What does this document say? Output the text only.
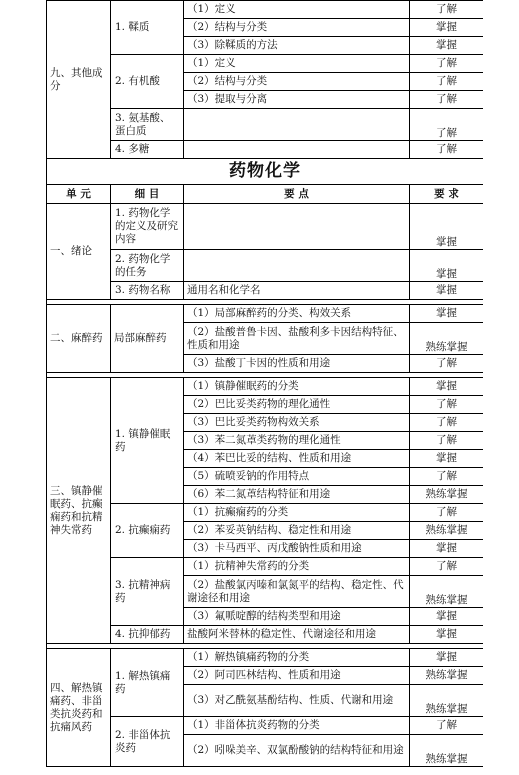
九、其他成分	1. 鞣质	（1）定义	了解
		（2）结构与分类	掌握
		（3）除鞣质的方法	掌握
	2. 有机酸	（1）定义	了解
		（2）结构与分类	了解
		（3）提取与分离	了解
	3. 氨基酸、蛋白质		了解
	4. 多糖		了解
药物化学			
单 元	细 目	要 点	要 求
一、绪论	1. 药物化学的定义及研究内容		掌握
	2. 药物化学的任务		掌握
	3. 药物名称	通用名和化学名	掌握

二、麻醉药	局部麻醉药	（1）局部麻醉药的分类、构效关系	掌握
		（2）盐酸普鲁卡因、盐酸利多卡因结构特征、性质和用途	熟练掌握
		（3）盐酸丁卡因的性质和用途	了解

三、镇静催眠药、抗癫痫药和抗精神失常药	1. 镇静催眠药	（1）镇静催眠药的分类	掌握
		（2）巴比妥类药物的理化通性	了解
		（3）巴比妥类药物构效关系	了解
		（3）苯二氮䓬类药物的理化通性	了解
		（4）苯巴比妥的结构、性质和用途	掌握
		（5）硫喷妥钠的作用特点	了解
		（6）苯二氮䓬结构特征和用途	熟练掌握
	2. 抗癫痫药	（1）抗癫痫药的分类	了解
		（2）苯妥英钠结构、稳定性和用途	熟练掌握
		（3）卡马西平、丙戊酸钠性质和用途	掌握
	3. 抗精神病药	（1）抗精神失常药的分类	了解
		（2）盐酸氯丙嗪和氯氮平的结构、稳定性、代谢途径和用途	熟练掌握
		（3）氟哌啶醇的结构类型和用途	掌握
	4. 抗抑郁药	盐酸阿米替林的稳定性、代谢途径和用途	掌握

四、解热镇痛药、非甾类抗炎药和抗痛风药	1. 解热镇痛药	（1）解热镇痛药物的分类	掌握
		（2）阿司匹林结构、性质和用途	熟练掌握
		（3）对乙酰氨基酚结构、性质、代谢和用途	熟练掌握
	2. 非甾体抗炎药	（1）非甾体抗炎药物的分类	了解
		（2）吲哚美辛、双氯酚酸钠的结构特征和用途	熟练掌握
